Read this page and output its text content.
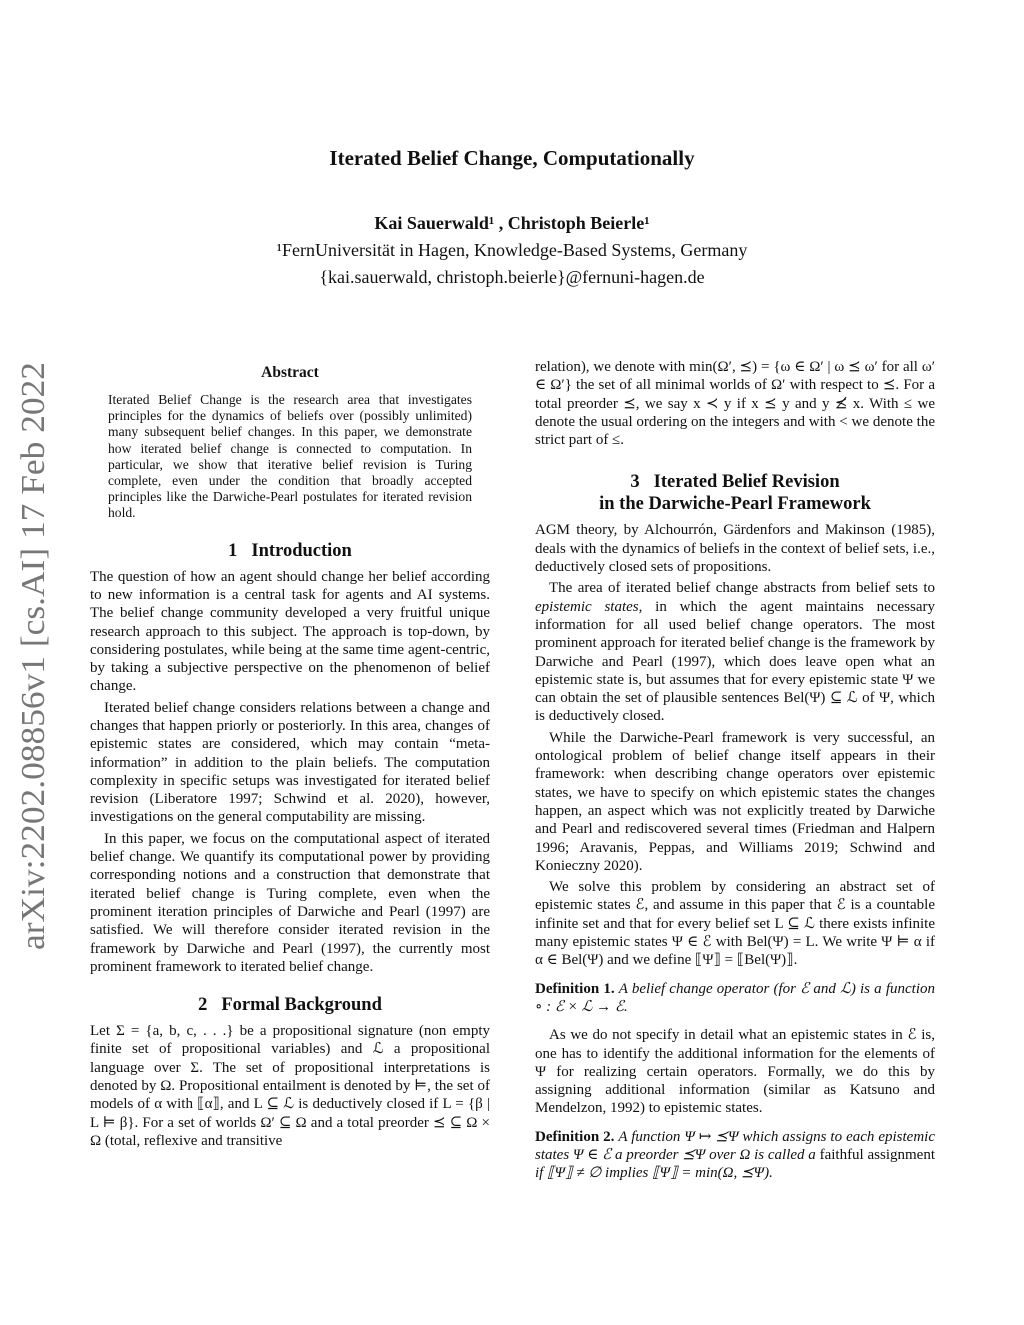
Iterated Belief Change, Computationally
Kai Sauerwald¹ , Christoph Beierle¹
¹FernUniversität in Hagen, Knowledge-Based Systems, Germany
{kai.sauerwald, christoph.beierle}@fernuni-hagen.de
arXiv:2202.08856v1 [cs.AI] 17 Feb 2022
Abstract
Iterated Belief Change is the research area that investigates principles for the dynamics of beliefs over (possibly unlimited) many subsequent belief changes. In this paper, we demonstrate how iterated belief change is connected to computation. In particular, we show that iterative belief revision is Turing complete, even under the condition that broadly accepted principles like the Darwiche-Pearl postulates for iterated revision hold.
1 Introduction

The question of how an agent should change her belief according to new information is a central task for agents and AI systems. The belief change community developed a very fruitful unique research approach to this subject. The approach is top-down, by considering postulates, while being at the same time agent-centric, by taking a subjective perspective on the phenomenon of belief change.

Iterated belief change considers relations between a change and changes that happen priorly or posteriorly. In this area, changes of epistemic states are considered, which may contain “meta-information” in addition to the plain beliefs. The computation complexity in specific setups was investigated for iterated belief revision (Liberatore 1997; Schwind et al. 2020), however, investigations on the general computability are missing.

In this paper, we focus on the computational aspect of iterated belief change. We quantify its computational power by providing corresponding notions and a construction that demonstrate that iterated belief change is Turing complete, even when the prominent iteration principles of Darwiche and Pearl (1997) are satisfied. We will therefore consider iterated revision in the framework by Darwiche and Pearl (1997), the currently most prominent framework to iterated belief change.

2 Formal Background

Let Σ = {a, b, c, . . .} be a propositional signature (non empty finite set of propositional variables) and ℒ a propositional language over Σ. The set of propositional interpretations is denoted by Ω. Propositional entailment is denoted by ⊨, the set of models of α with ⟦α⟧, and L ⊆ ℒ is deductively closed if L = {β | L ⊨ β}. For a set of worlds Ω′ ⊆ Ω and a total preorder ⪯ ⊆ Ω × Ω (total, reflexive and transitive

relation), we denote with min(Ω′, ⪯) = {ω ∈ Ω′ | ω ⪯ ω′ for all ω′ ∈ Ω′} the set of all minimal worlds of Ω′ with respect to ⪯. For a total preorder ⪯, we say x ≺ y if x ⪯ y and y ⪯̸ x. With ≤ we denote the usual ordering on the integers and with < we denote the strict part of ≤.

3 Iterated Belief Revision
in the Darwiche-Pearl Framework

AGM theory, by Alchourrón, Gärdenfors and Makinson (1985), deals with the dynamics of beliefs in the context of belief sets, i.e., deductively closed sets of propositions.

The area of iterated belief change abstracts from belief sets to epistemic states, in which the agent maintains necessary information for all used belief change operators. The most prominent approach for iterated belief change is the framework by Darwiche and Pearl (1997), which does leave open what an epistemic state is, but assumes that for every epistemic state Ψ we can obtain the set of plausible sentences Bel(Ψ) ⊆ ℒ of Ψ, which is deductively closed.

While the Darwiche-Pearl framework is very successful, an ontological problem of belief change itself appears in their framework: when describing change operators over epistemic states, we have to specify on which epistemic states the changes happen, an aspect which was not explicitly treated by Darwiche and Pearl and rediscovered several times (Friedman and Halpern 1996; Aravanis, Peppas, and Williams 2019; Schwind and Konieczny 2020).

We solve this problem by considering an abstract set of epistemic states ℰ, and assume in this paper that ℰ is a countable infinite set and that for every belief set L ⊆ ℒ there exists infinite many epistemic states Ψ ∈ ℰ with Bel(Ψ) = L. We write Ψ ⊨ α if α ∈ Bel(Ψ) and we define ⟦Ψ⟧ = ⟦Bel(Ψ)⟧.

Definition 1. A belief change operator (for ℰ and ℒ) is a function ∘ : ℰ × ℒ → ℰ.

As we do not specify in detail what an epistemic states in ℰ is, one has to identify the additional information for the elements of Ψ for realizing certain operators. Formally, we do this by assigning additional information (similar as Katsuno and Mendelzon, 1992) to epistemic states.

Definition 2. A function Ψ ↦ ⪯Ψ which assigns to each epistemic states Ψ ∈ ℰ a preorder ⪯Ψ over Ω is called a faithful assignment if ⟦Ψ⟧ ≠ ∅ implies ⟦Ψ⟧ = min(Ω, ⪯Ψ).
